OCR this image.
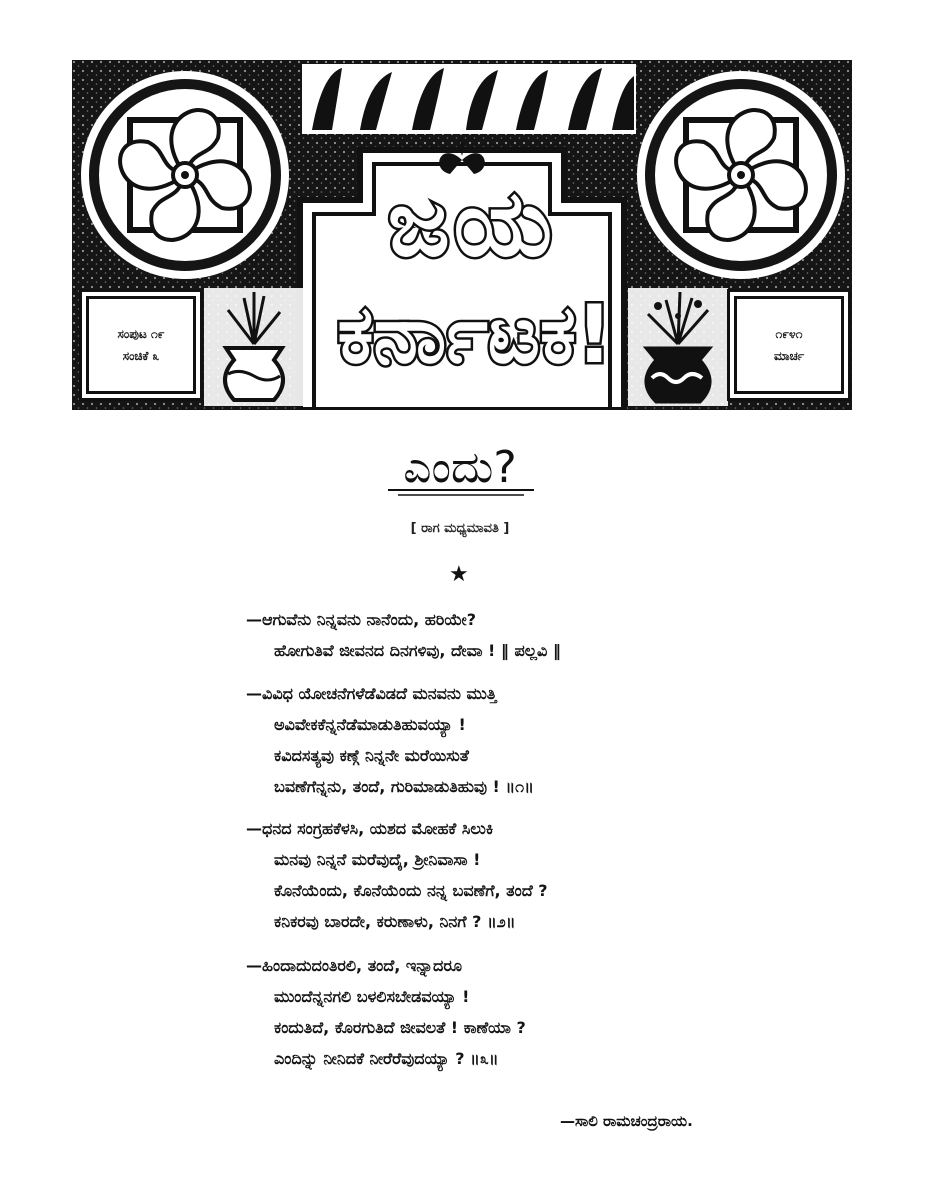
ಜಯ
ಕರ್ನಾಟಕ!
ಸಂಪುಟ ೧೯
ಸಂಚಿಕೆ ೩
೧೯೪೧
ಮಾರ್ಚ
ಎಂದು?
[ ರಾಗ ಮಧ್ಯಮಾವತಿ ]
★
—ಆಗುವೆನು ನಿನ್ನವನು ನಾನೆಂದು, ಹರಿಯೇ?
ಹೋಗುತಿವೆ ಜೀವನದ ದಿನಗಳಿವು, ದೇವಾ ! ‖ ಪಲ್ಲವಿ ‖
—ವಿವಿಧ ಯೋಚನೆಗಳೆಡೆವಿಡದೆ ಮನವನು ಮುತ್ತಿ
ಅವಿವೇಕಕೆನ್ನನೆಡೆಮಾಡುತಿಹುವಯ್ಯಾ !
ಕವಿದಸತ್ಯವು ಕಣ್ಗೆ ನಿನ್ನನೇ ಮರೆಯಿಸುತೆ
ಬವಣೆಗೆನ್ನನು, ತಂದೆ, ಗುರಿಮಾಡುತಿಹುವು ! ॥೧॥
—ಧನದ ಸಂಗ್ರಹಕೆಳಸಿ, ಯಶದ ಮೋಹಕೆ ಸಿಲುಕಿ
ಮನವು ನಿನ್ನನೆ ಮರೆವುದೈ, ಶ್ರೀನಿವಾಸಾ !
ಕೊನೆಯೆಂದು, ಕೊನೆಯೆಂದು ನನ್ನ ಬವಣೆಗೆ, ತಂದೆ ?
ಕನಿಕರವು ಬಾರದೇ, ಕರುಣಾಳು, ನಿನಗೆ ? ॥೨॥
—ಹಿಂದಾದುದಂತಿರಲಿ, ತಂದೆ, ಇನ್ನಾದರೂ
ಮುಂದೆನ್ನನಗಲಿ ಬಳಲಿಸಬೇಡವಯ್ಯಾ !
ಕಂದುತಿದೆ, ಕೊರಗುತಿದೆ ಜೀವಲತೆ ! ಕಾಣೆಯಾ ?
ಎಂದಿನ್ನು ನೀನಿದಕೆ ನೀರೆರೆವುದಯ್ಯಾ ? ॥೩॥
—ಸಾಲಿ ರಾಮಚಂದ್ರರಾಯ.
